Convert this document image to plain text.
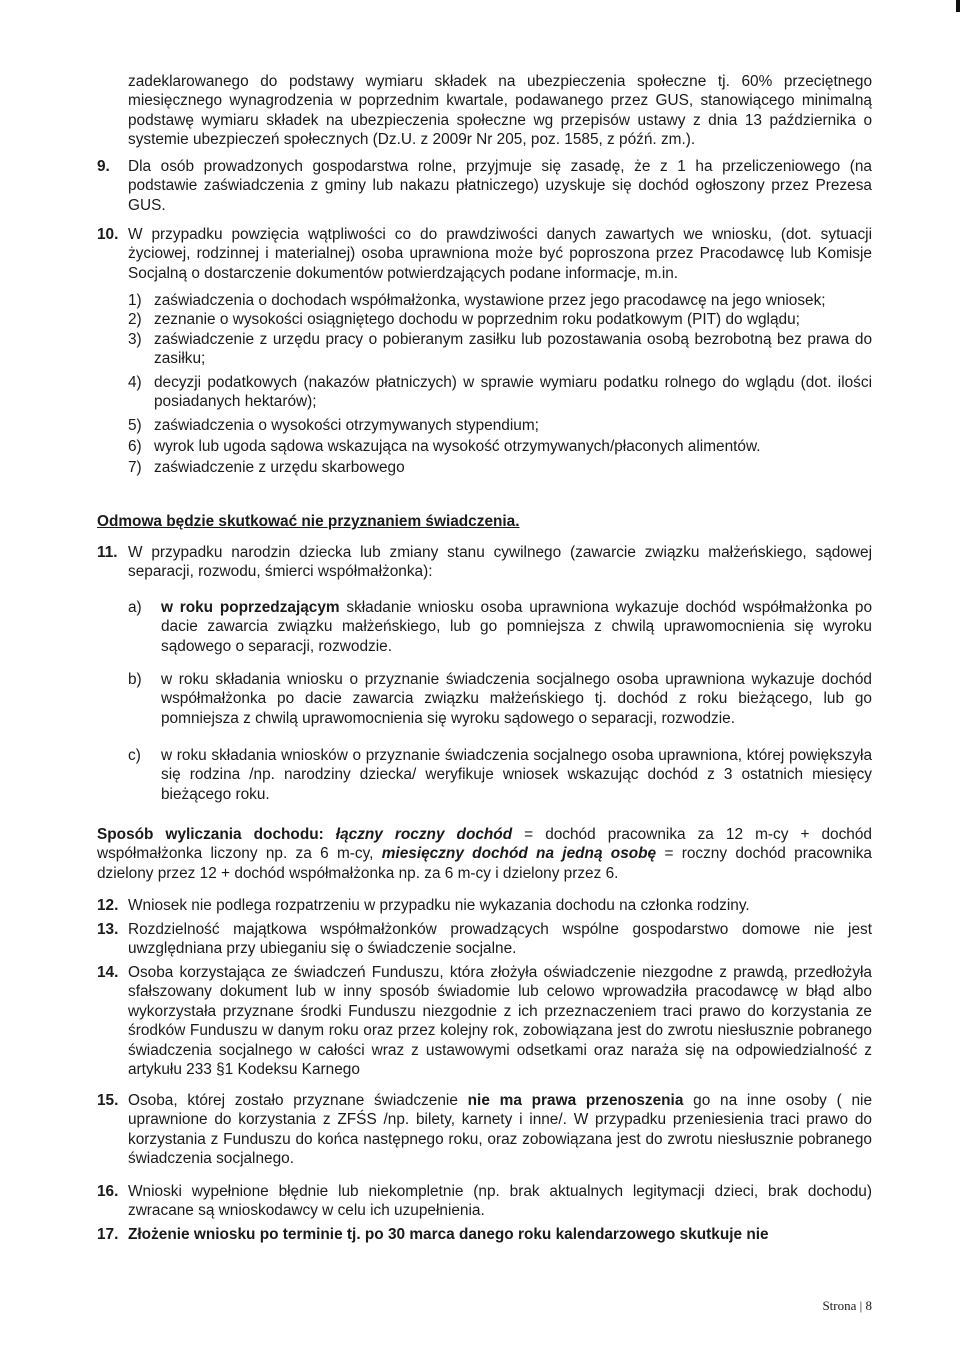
zadeklarowanego do podstawy wymiaru składek na ubezpieczenia społeczne tj. 60% przeciętnego miesięcznego wynagrodzenia w poprzednim kwartale, podawanego przez GUS, stanowiącego minimalną podstawę wymiaru składek na ubezpieczenia społeczne wg przepisów ustawy z dnia 13 października o systemie ubezpieczeń społecznych (Dz.U. z 2009r Nr 205, poz. 1585, z późń. zm.).

9. Dla osób prowadzonych gospodarstwa rolne, przyjmuje się zasadę, że z 1 ha przeliczeniowego (na podstawie zaświadczenia z gminy lub nakazu płatniczego) uzyskuje się dochód ogłoszony przez Prezesa GUS.

10. W przypadku powzięcia wątpliwości co do prawdziwości danych zawartych we wniosku, (dot. sytuacji życiowej, rodzinnej i materialnej) osoba uprawniona może być poproszona przez Pracodawcę lub Komisje Socjalną o dostarczenie dokumentów potwierdzających podane informacje, m.in.

1) zaświadczenia o dochodach współmałżonka, wystawione przez jego pracodawcę na jego wniosek;

2) zeznanie o wysokości osiągniętego dochodu w poprzednim roku podatkowym (PIT) do wglądu;

3) zaświadczenie z urzędu pracy o pobieranym zasiłku lub pozostawania osobą bezrobotną bez prawa do zasiłku;

4) decyzji podatkowych (nakazów płatniczych) w sprawie wymiaru podatku rolnego do wglądu (dot. ilości posiadanych hektarów);

5) zaświadczenia o wysokości otrzymywanych stypendium;

6) wyrok lub ugoda sądowa wskazująca na wysokość otrzymywanych/płaconych alimentów.

7) zaświadczenie z urzędu skarbowego

Odmowa będzie skutkować nie przyznaniem świadczenia.

11. W przypadku narodzin dziecka lub zmiany stanu cywilnego (zawarcie związku małżeńskiego, sądowej separacji, rozwodu, śmierci współmałżonka):

a) w roku poprzedzającym składanie wniosku osoba uprawniona wykazuje dochód współmałżonka po dacie zawarcia związku małżeńskiego, lub go pomniejsza z chwilą uprawomocnienia się wyroku sądowego o separacji, rozwodzie.

b) w roku składania wniosku o przyznanie świadczenia socjalnego osoba uprawniona wykazuje dochód współmałżonka po dacie zawarcia związku małżeńskiego tj. dochód z roku bieżącego, lub go pomniejsza z chwilą uprawomocnienia się wyroku sądowego o separacji, rozwodzie.

c) w roku składania wniosków o przyznanie świadczenia socjalnego osoba uprawniona, której powiększyła się rodzina /np. narodziny dziecka/ weryfikuje wniosek wskazując dochód z 3 ostatnich miesięcy bieżącego roku.

Sposób wyliczania dochodu: łączny roczny dochód = dochód pracownika za 12 m-cy + dochód współmałżonka liczony np. za 6 m-cy, miesięczny dochód na jedną osobę = roczny dochód pracownika dzielony przez 12 + dochód współmałżonka np. za 6 m-cy i dzielony przez 6.

12. Wniosek nie podlega rozpatrzeniu w przypadku nie wykazania dochodu na członka rodziny.

13. Rozdzielność majątkowa współmałżonków prowadzących wspólne gospodarstwo domowe nie jest uwzględniana przy ubieganiu się o świadczenie socjalne.

14. Osoba korzystająca ze świadczeń Funduszu, która złożyła oświadczenie niezgodne z prawdą, przedłożyła sfałszowany dokument lub w inny sposób świadomie lub celowo wprowadziła pracodawcę w błąd albo wykorzystała przyznane środki Funduszu niezgodnie z ich przeznaczeniem traci prawo do korzystania ze środków Funduszu w danym roku oraz przez kolejny rok, zobowiązana jest do zwrotu niesłusznie pobranego świadczenia socjalnego w całości wraz z ustawowymi odsetkami oraz naraża się na odpowiedzialność z artykułu 233 §1 Kodeksu Karnego

15. Osoba, której zostało przyznane świadczenie nie ma prawa przenoszenia go na inne osoby ( nie uprawnione do korzystania z ZFŚS /np. bilety, karnety i inne/. W przypadku przeniesienia traci prawo do korzystania z Funduszu do końca następnego roku, oraz zobowiązana jest do zwrotu niesłusznie pobranego świadczenia socjalnego.

16. Wnioski wypełnione błędnie lub niekompletnie (np. brak aktualnych legitymacji dzieci, brak dochodu) zwracane są wnioskodawcy w celu ich uzupełnienia.

17. Złożenie wniosku po terminie tj. po 30 marca danego roku kalendarzowego skutkuje nie

Strona | 8
